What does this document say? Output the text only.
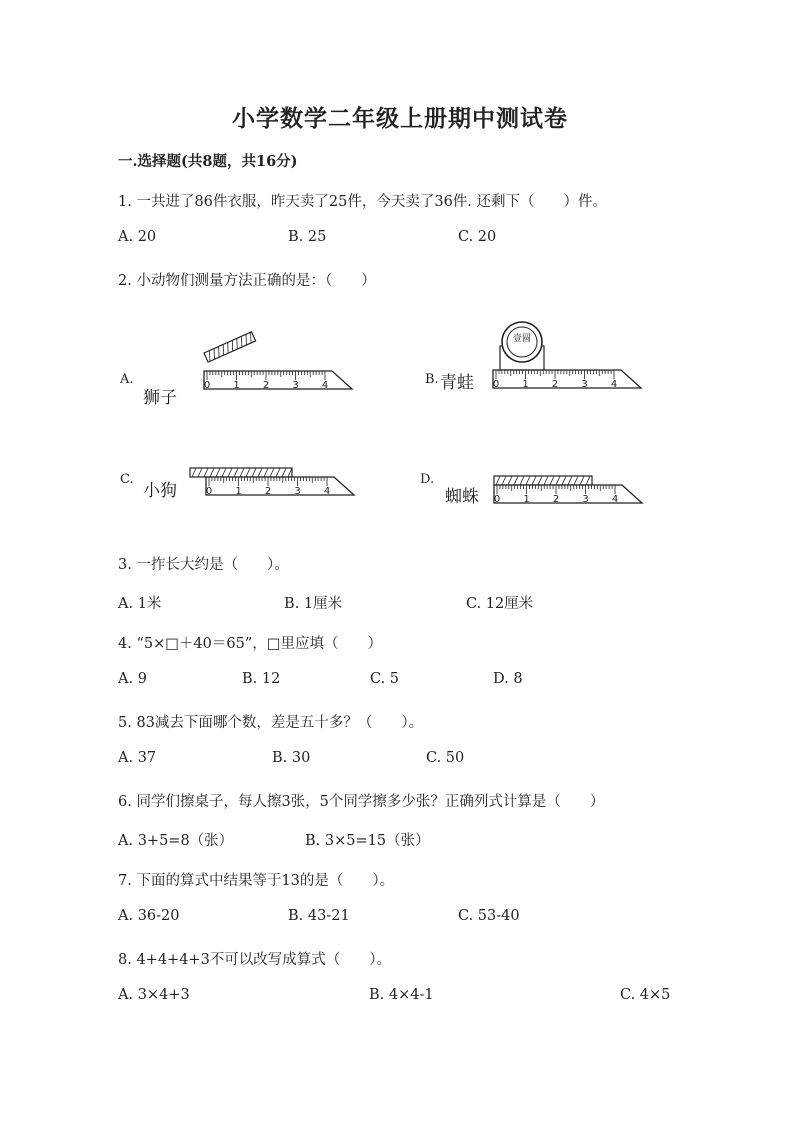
小学数学二年级上册期中测试卷
一.选择题(共8题，共16分)
1. 一共进了86件衣服，昨天卖了25件，今天卖了36件. 还剩下（　　）件。
A. 20	B. 25	C. 20
2. 小动物们测量方法正确的是：（　　）
A.
狮子
0 1 2 3 4	B. 青蛙
壹圆
0 1 2 3 4
C.
小狗	0 1 2 3 4
D.
蜘蛛 0 1 2 3 4
3. 一拃长大约是（　　）。
A. 1米	B. 1厘米	C. 12厘米
4. “5×□＋40＝65”，□里应填（　　）
A. 9	B. 12	C. 5	D. 8
5. 83减去下面哪个数，差是五十多？（　　）。
A. 37	B. 30	C. 50
6. 同学们擦桌子，每人擦3张，5个同学擦多少张？正确列式计算是（　　）
A. 3+5=8（张）	B. 3×5=15（张）
7. 下面的算式中结果等于13的是（　　）。
A. 36-20	B. 43-21	C. 53-40
8. 4+4+4+3不可以改写成算式（　　）。
A. 3×4+3	B. 4×4-1	C. 4×5
